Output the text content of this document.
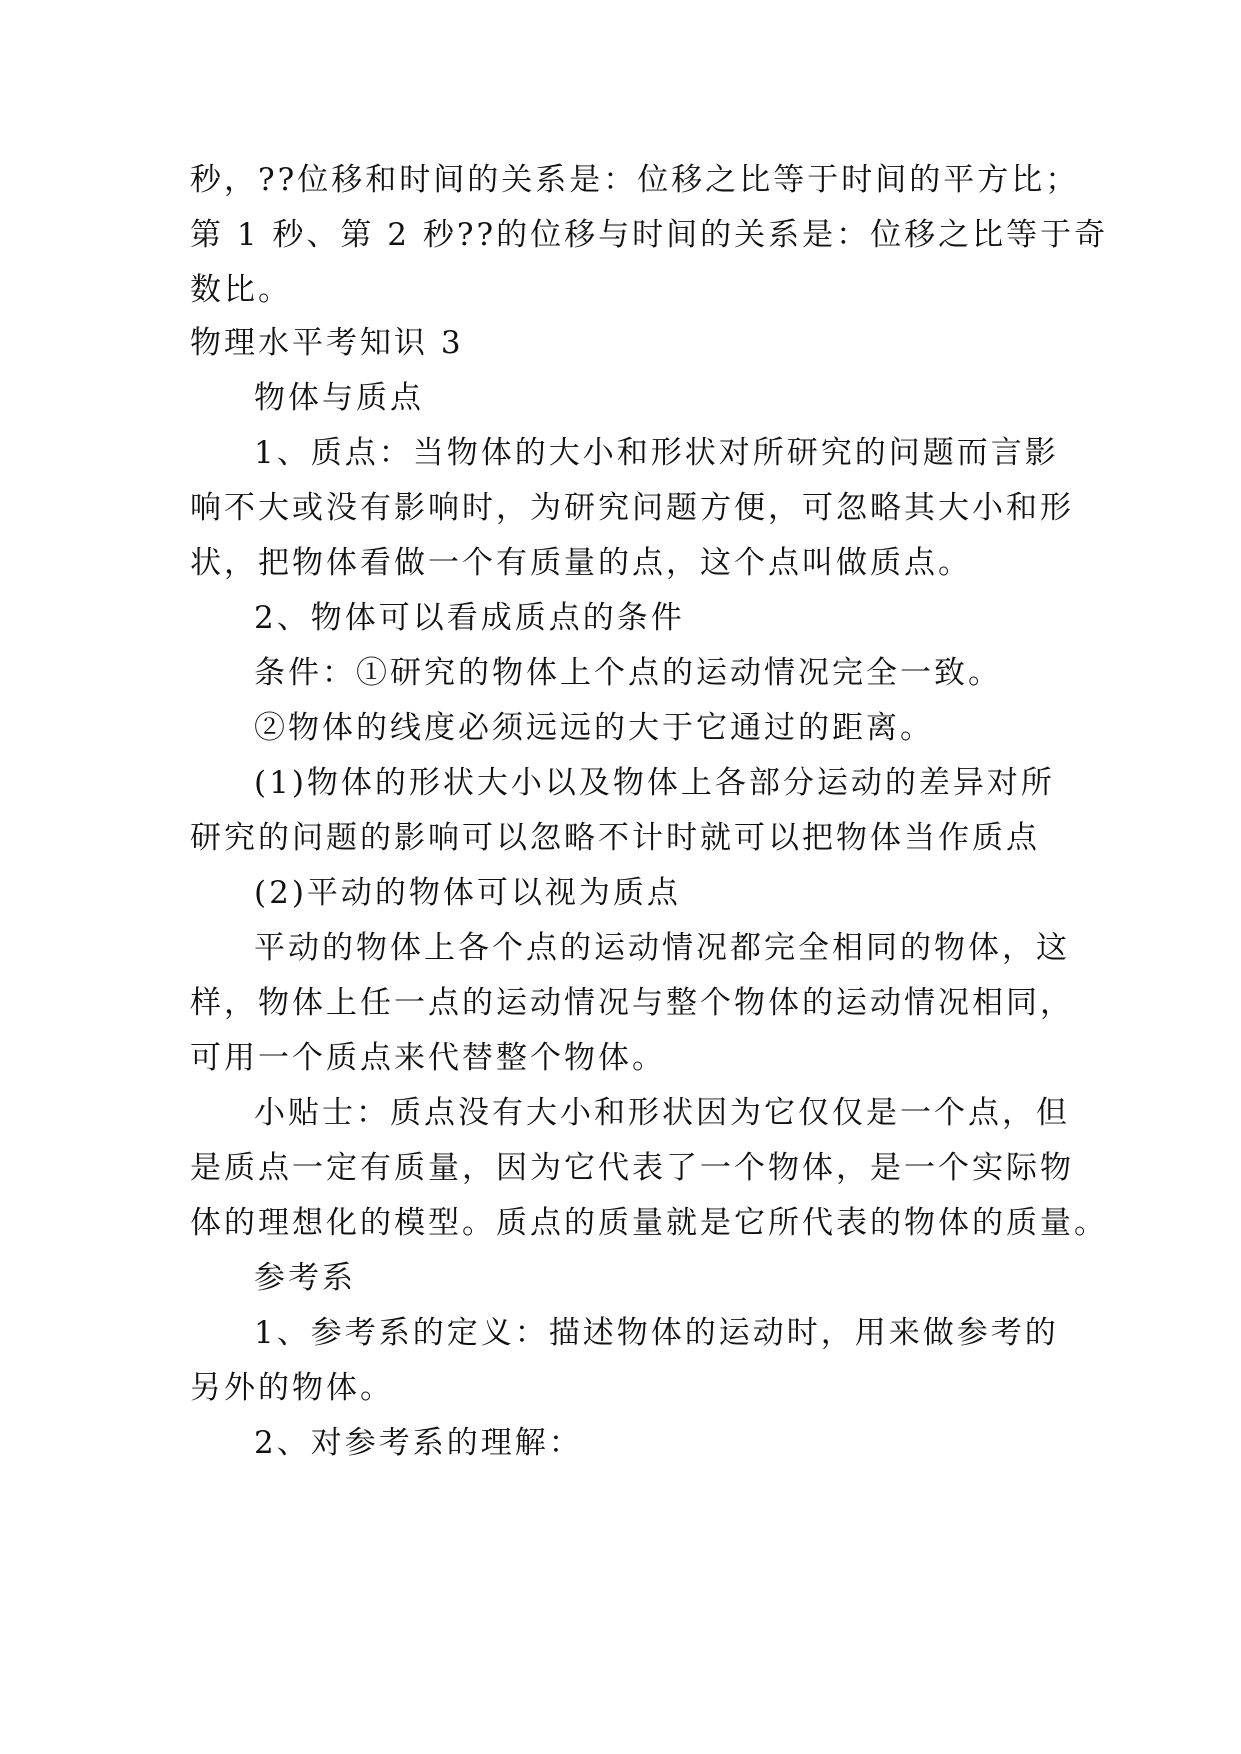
秒，??位移和时间的关系是：位移之比等于时间的平方比；
第 1 秒、第 2 秒??的位移与时间的关系是：位移之比等于奇
数比。
物理水平考知识 3
物体与质点
1、质点：当物体的大小和形状对所研究的问题而言影
响不大或没有影响时，为研究问题方便，可忽略其大小和形
状，把物体看做一个有质量的点，这个点叫做质点。
2、物体可以看成质点的条件
条件：①研究的物体上个点的运动情况完全一致。
②物体的线度必须远远的大于它通过的距离。
(1)物体的形状大小以及物体上各部分运动的差异对所
研究的问题的影响可以忽略不计时就可以把物体当作质点
(2)平动的物体可以视为质点
平动的物体上各个点的运动情况都完全相同的物体，这
样，物体上任一点的运动情况与整个物体的运动情况相同，
可用一个质点来代替整个物体。
小贴士：质点没有大小和形状因为它仅仅是一个点，但
是质点一定有质量，因为它代表了一个物体，是一个实际物
体的理想化的模型。质点的质量就是它所代表的物体的质量。
参考系
1、参考系的定义：描述物体的运动时，用来做参考的
另外的物体。
2、对参考系的理解：
